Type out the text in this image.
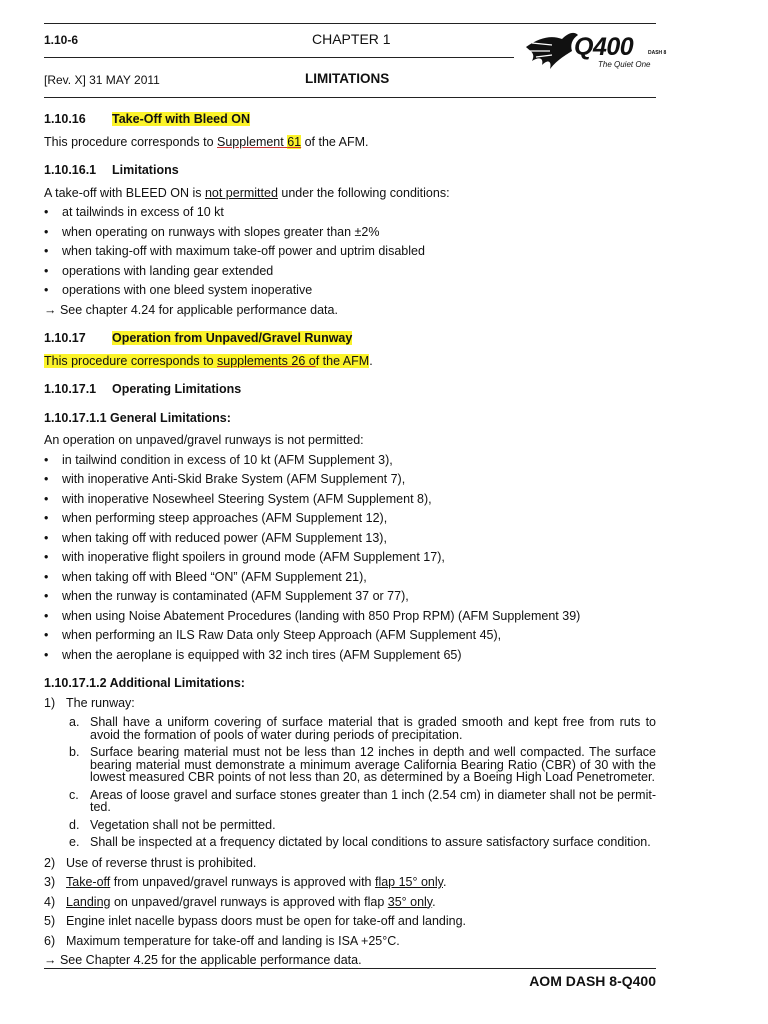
1.10-6	CHAPTER 1
[Rev. X] 31 MAY 2011	LIMITATIONS
Q400	DASH 8
The Quiet One

1.10.16 Take-Off with Bleed ON

This procedure corresponds to Supplement 61 of the AFM.

1.10.16.1 Limitations

A take-off with BLEED ON is not permitted under the following conditions:

• at tailwinds in excess of 10 kt
• when operating on runways with slopes greater than ±2%
• when taking-off with maximum take-off power and uptrim disabled
• operations with landing gear extended
• operations with one bleed system inoperative

→ See chapter 4.24 for applicable performance data.

1.10.17 Operation from Unpaved/Gravel Runway

This procedure corresponds to supplements 26 of the AFM.

1.10.17.1 Operating Limitations

1.10.17.1.1 General Limitations:

An operation on unpaved/gravel runways is not permitted:

• in tailwind condition in excess of 10 kt (AFM Supplement 3),
• with inoperative Anti-Skid Brake System (AFM Supplement 7),
• with inoperative Nosewheel Steering System (AFM Supplement 8),
• when performing steep approaches (AFM Supplement 12),
• when taking off with reduced power (AFM Supplement 13),
• with inoperative flight spoilers in ground mode (AFM Supplement 17),
• when taking off with Bleed “ON” (AFM Supplement 21),
• when the runway is contaminated (AFM Supplement 37 or 77),
• when using Noise Abatement Procedures (landing with 850 Prop RPM) (AFM Supplement 39)
• when performing an ILS Raw Data only Steep Approach (AFM Supplement 45),
• when the aeroplane is equipped with 32 inch tires (AFM Supplement 65)

1.10.17.1.2 Additional Limitations:

1) The runway:
a. Shall have a uniform covering of surface material that is graded smooth and kept free from ruts to avoid the formation of pools of water during periods of precipitation.
b. Surface bearing material must not be less than 12 inches in depth and well compacted. The surface bearing material must demonstrate a minimum average California Bearing Ratio (CBR) of 30 with the lowest measured CBR points of not less than 20, as determined by a Boeing High Load Penetrometer.
c. Areas of loose gravel and surface stones greater than 1 inch (2.54 cm) in diameter shall not be permit-ted.
d. Vegetation shall not be permitted.
e. Shall be inspected at a frequency dictated by local conditions to assure satisfactory surface condition.
2) Use of reverse thrust is prohibited.
3) Take-off from unpaved/gravel runways is approved with flap 15° only.
4) Landing on unpaved/gravel runways is approved with flap 35° only.
5) Engine inlet nacelle bypass doors must be open for take-off and landing.
6) Maximum temperature for take-off and landing is ISA +25°C.

→ See Chapter 4.25 for the applicable performance data.

AOM DASH 8-Q400
